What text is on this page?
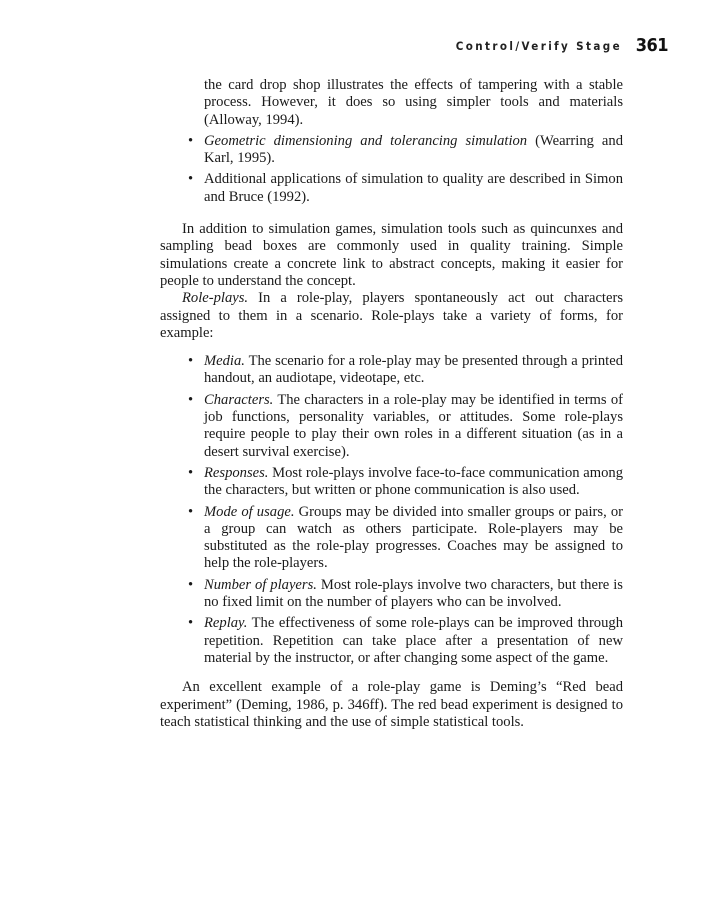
Control/Verify Stage 361

the card drop shop illustrates the effects of tampering with a stable process. However, it does so using simpler tools and materials (Alloway, 1994).

• Geometric dimensioning and tolerancing simulation (Wearring and Karl, 1995).
• Additional applications of simulation to quality are described in Simon and Bruce (1992).

In addition to simulation games, simulation tools such as quincunxes and sampling bead boxes are commonly used in quality training. Simple simulations create a concrete link to abstract concepts, making it easier for people to understand the concept.

Role-plays. In a role-play, players spontaneously act out characters assigned to them in a scenario. Role-plays take a variety of forms, for example:

• Media. The scenario for a role-play may be presented through a printed handout, an audiotape, videotape, etc.
• Characters. The characters in a role-play may be identified in terms of job functions, personality variables, or attitudes. Some role-plays require people to play their own roles in a different situation (as in a desert survival exercise).
• Responses. Most role-plays involve face-to-face communication among the characters, but written or phone communication is also used.
• Mode of usage. Groups may be divided into smaller groups or pairs, or a group can watch as others participate. Role-players may be substituted as the role-play progresses. Coaches may be assigned to help the role-players.
• Number of players. Most role-plays involve two characters, but there is no fixed limit on the number of players who can be involved.
• Replay. The effectiveness of some role-plays can be improved through repetition. Repetition can take place after a presentation of new material by the instructor, or after changing some aspect of the game.

An excellent example of a role-play game is Deming’s “Red bead experiment” (Deming, 1986, p. 346ff). The red bead experiment is designed to teach statistical thinking and the use of simple statistical tools.
